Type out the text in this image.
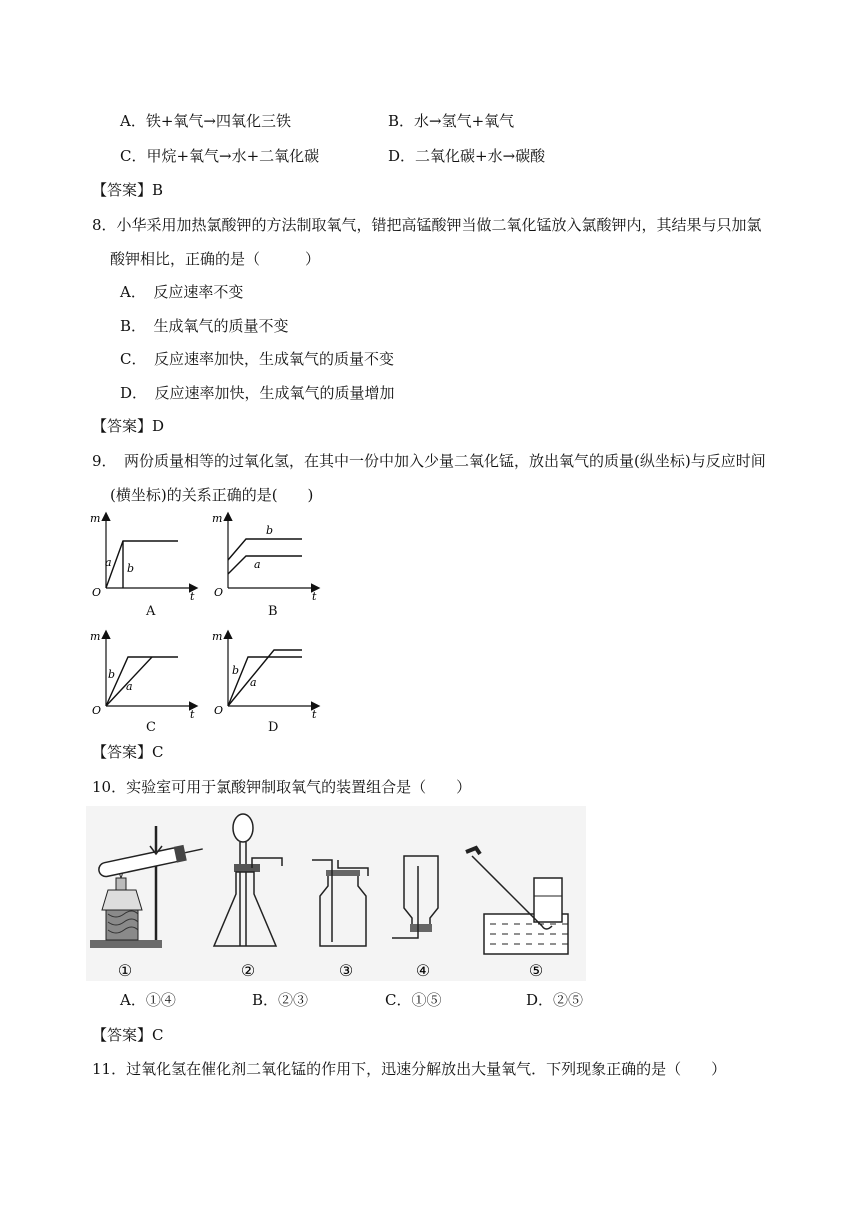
A．铁+氧气→四氧化三铁	B．水→氢气+氧气
C．甲烷+氧气→水+二氧化碳	D．二氧化碳+水→碳酸
【答案】B
8．小华采用加热氯酸钾的方法制取氧气，错把高锰酸钾当做二氧化锰放入氯酸钾内，其结果与只加氯
酸钾相比，正确的是（　　　）
A．　反应速率不变
B．　生成氧气的质量不变
C．　反应速率加快，生成氧气的质量不变
D．　反应速率加快，生成氧气的质量增加
【答案】D
9．　两份质量相等的过氧化氢，在其中一份中加入少量二氧化锰，放出氧气的质量(纵坐标)与反应时间
(横坐标)的关系正确的是(　　)
m
t
O
a b
A
m
t
O
b
a
B
m
t
O
b
a
C
m
t
O
b
a
D
【答案】C
10．实验室可用于氯酸钾制取氧气的装置组合是（　　）
①	②	③	④	⑤
A．①④	B．②③	C．①⑤	D．②⑤
【答案】C
11．过氧化氢在催化剂二氧化锰的作用下，迅速分解放出大量氧气．下列现象正确的是（　　）
